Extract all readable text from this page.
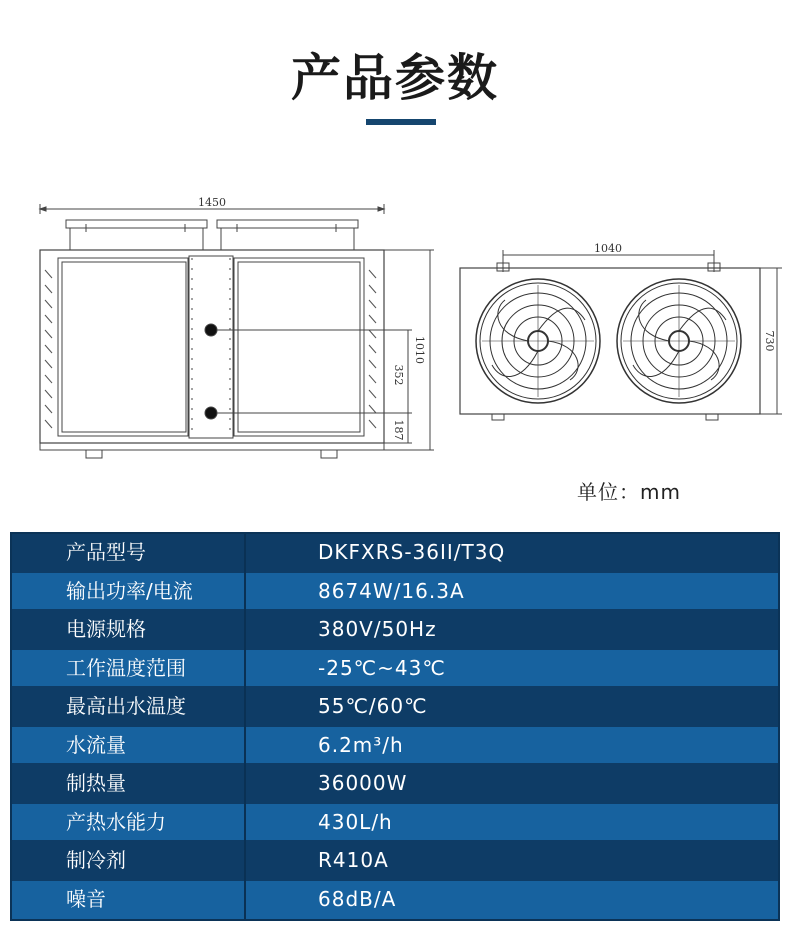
产品参数
1450
1040
1010
352
187
730
单位：mm
产品型号	DKFXRS-36II/T3Q
输出功率/电流	8674W/16.3A
电源规格	380V/50Hz
工作温度范围	-25℃~43℃
最高出水温度	55℃/60℃
水流量	6.2m³/h
制热量	36000W
产热水能力	430L/h
制冷剂	R410A
噪音	68dB/A
